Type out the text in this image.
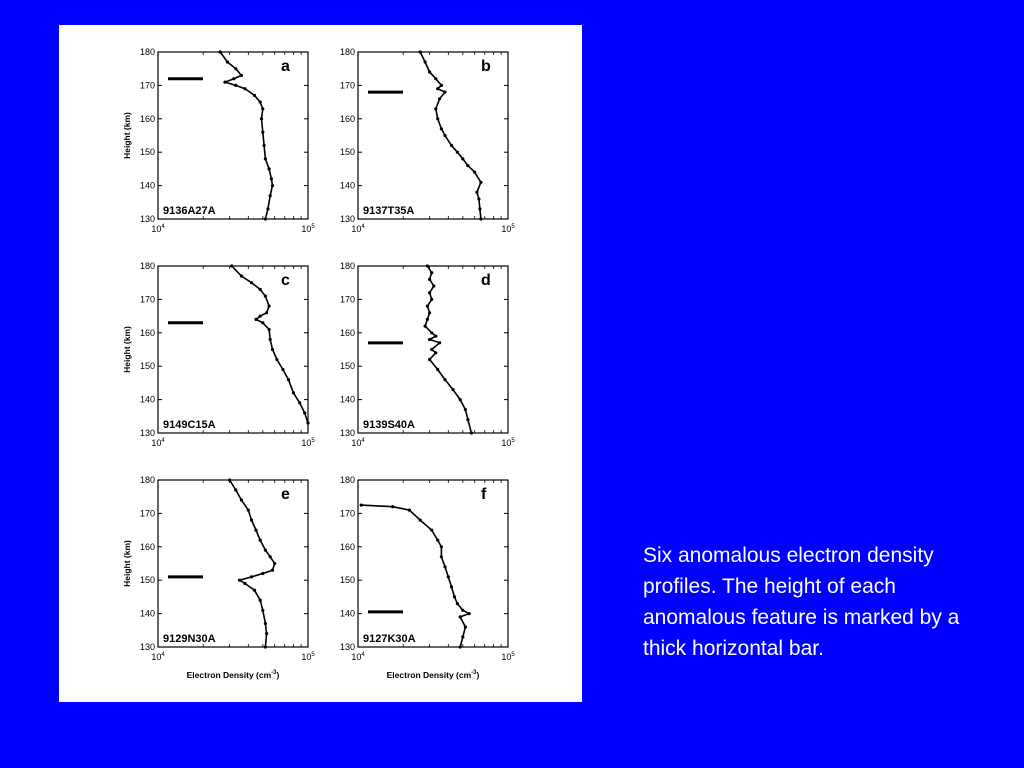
130
140
150
160
170
180
$10^4$	$10^5$
Height (km)
a
9136A27A
130
140
150
160
170
180
$10^4$	$10^5$
b
9137T35A
130
140
150
160
170
180
$10^4$	$10^5$
Height (km)
c
9149C15A
130
140
150
160
170
180
$10^4$	$10^5$
d
9139S40A
130
140
150
160
170
180
$10^4$	$10^5$
Height (km)
Electron Density $(cm^{-3})$
e
9129N30A
130
140
150
160
170
180
$10^4$	$10^5$
Electron Density $(cm^{-3})$
f
9127K30A
Six anomalous electron density profiles. The height of each anomalous feature is marked by a thick horizontal bar.
